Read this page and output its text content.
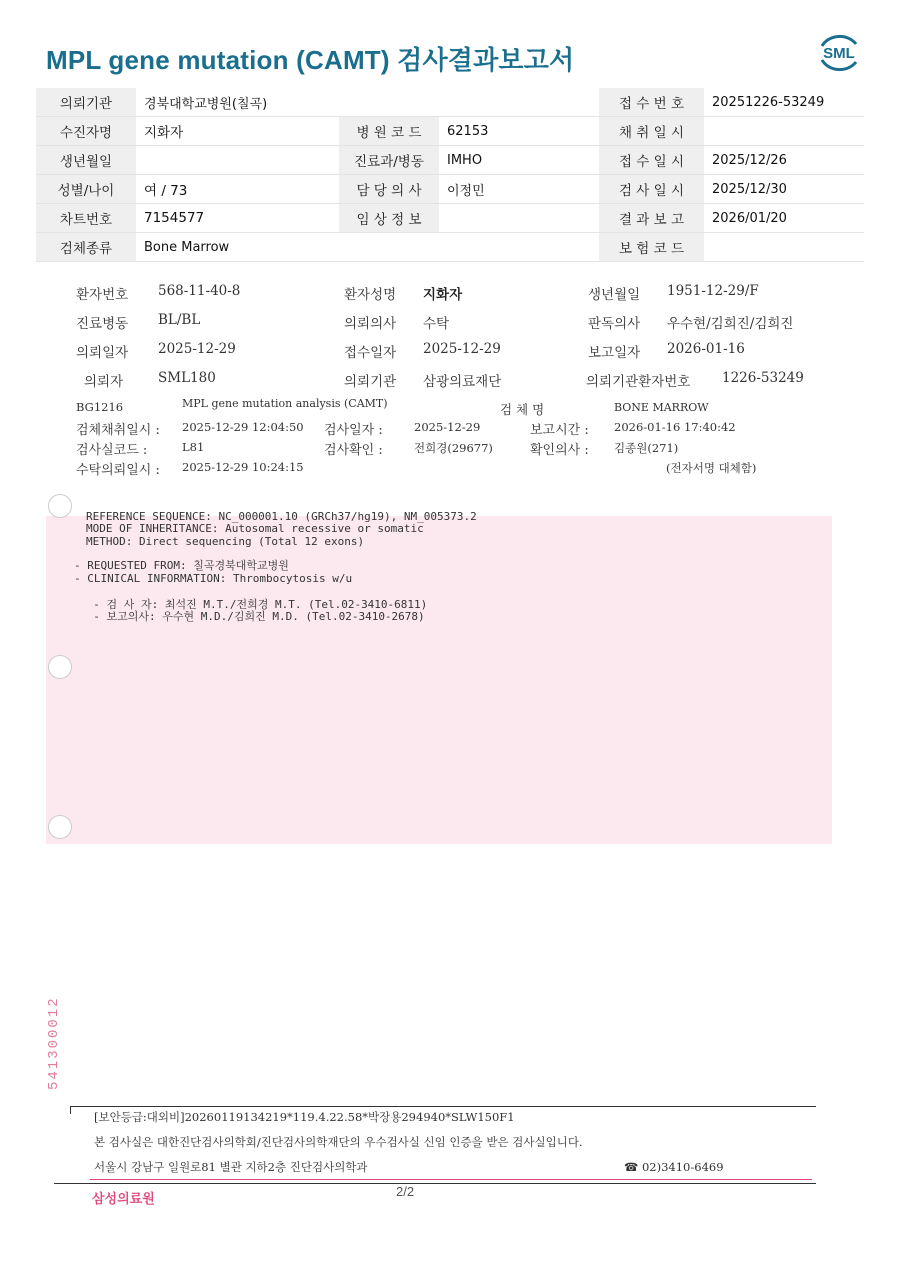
MPL gene mutation (CAMT) 검사결과보고서	SML
의뢰기관	경북대학교병원(칠곡)			접 수 번 호	20251226-53249
수진자명	지화자	병 원 코 드	62153	채 취 일 시	
생년월일		진료과/병동	IMHO	접 수 일 시	2025/12/26
성별/나이	여 / 73	담 당 의 사	이정민	검 사 일 시	2025/12/30
차트번호	7154577	임 상 정 보		결 과 보 고	2026/01/20
검체종류	Bone Marrow			보 험 코 드	
환자번호 568-11-40-8	환자성명 지화자	생년월일 1951-12-29/F
진료병동 BL/BL	의뢰의사 수탁	판독의사 우수현/김희진/김희진
의뢰일자 2025-12-29	접수일자 2025-12-29	보고일자 2026-01-16
의뢰자	SML180	의뢰기관 삼광의료재단	의뢰기관환자번호 1226-53249
BG1216	MPL gene mutation analysis (CAMT)	검 체 명	BONE MARROW
검체채취일시 : 2025-12-29 12:04:50 검사일자 :	2025-12-29	보고시간 : 2026-01-16 17:40:42
검사실코드 :	L81	검사확인 :	전희경(29677)	확인의사 : 김종원(271)
수탁의뢰일시 : 2025-12-29 10:24:15	(전자서명 대체함)
REFERENCE SEQUENCE: NC_000001.10 (GRCh37/hg19), NM_005373.2
MODE OF INHERITANCE: Autosomal recessive or somatic
METHOD: Direct sequencing (Total 12 exons)
- REQUESTED FROM: 칠곡경북대학교병원
- CLINICAL INFORMATION: Thrombocytosis w/u
- 검 사 자: 최석진 M.T./전희경 M.T. (Tel.02-3410-6811)
- 보고의사: 우수현 M.D./김희진 M.D. (Tel.02-3410-2678)
541300012
[보안등급:대외비]20260119134219*119.4.22.58*박장용294940*SLW150F1
본 검사실은 대한진단검사의학회/진단검사의학재단의 우수검사실 신임 인증을 받은 검사실입니다.
서울시 강남구 일원로81 별관 지하2층 진단검사의학과	☎ 02)3410-6469
삼성의료원	2/2
